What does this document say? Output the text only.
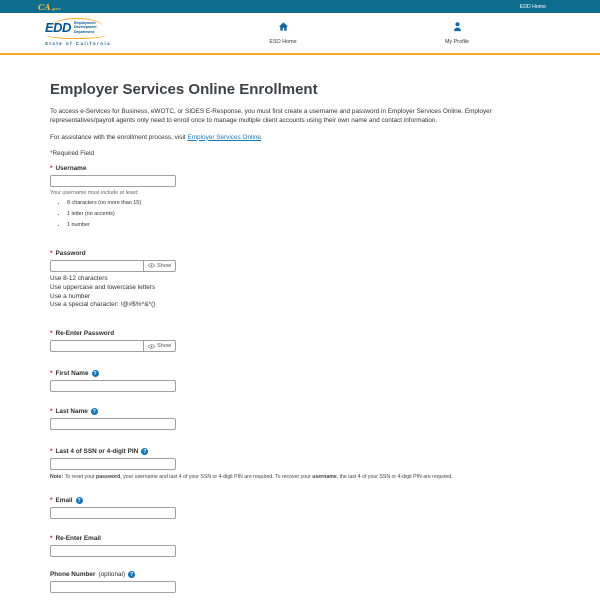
CA.gov	EDD Home
EDD Employment
Development
Department
State of California	ESO Home	My Profile
Employer Services Online Enrollment

To access e-Services for Business, eWOTC, or SIDES E-Response, you must first create a username and password in Employer Services Online. Employer representatives/payroll agents only need to enroll once to manage multiple client accounts using their own name and contact information.

For assistance with the enrollment process, visit Employer Services Online.

*Required Field

* Username
Your username must include at least:
• 8 characters (no more than 15)
• 1 letter (no accents)
• 1 number
* Password
Show
Use 8-12 characters
Use uppercase and lowercase letters
Use a number
Use a special character: !@#$%^&*()
* Re-Enter Password
Show
* First Name ?
* Last Name ?
* Last 4 of SSN or 4-digit PIN ?

Note: To reset your password, your username and last 4 of your SSN or 4-digit PIN are required. To recover your username, the last 4 of your SSN or 4-digit PIN are required.

* Email ?
* Re-Enter Email
Phone Number (optional) ?
